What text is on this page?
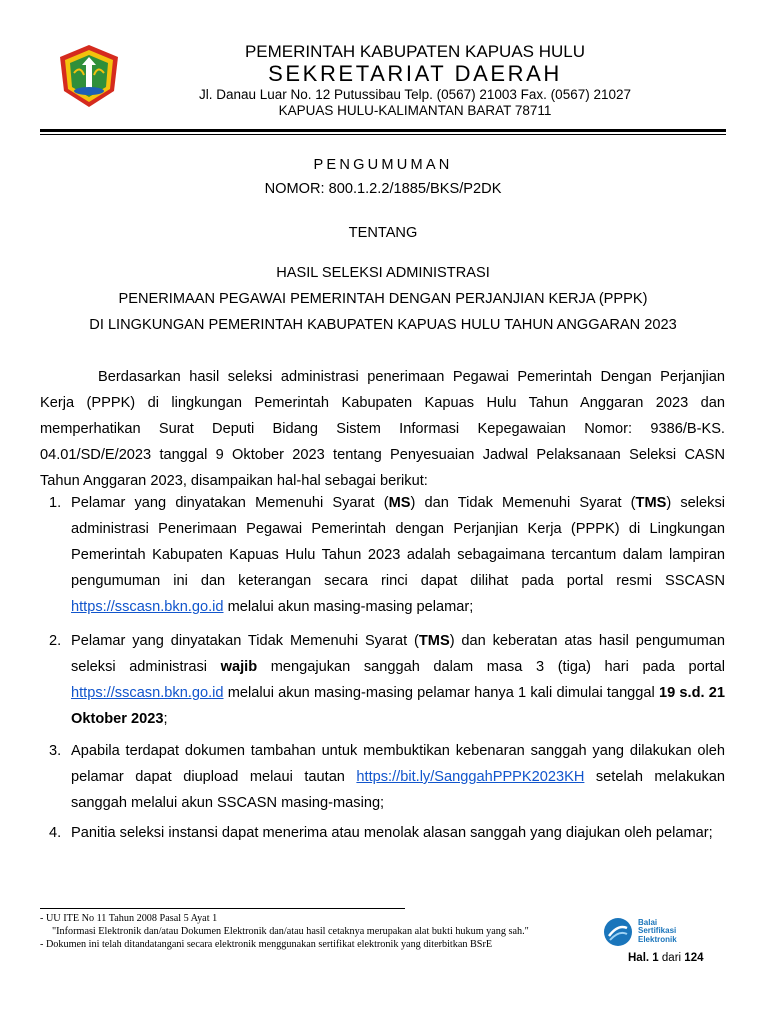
PEMERINTAH KABUPATEN KAPUAS HULU
SEKRETARIAT DAERAH
Jl. Danau Luar No. 12 Putussibau Telp. (0567) 21003 Fax. (0567) 21027
KAPUAS HULU-KALIMANTAN BARAT 78711
PENGUMUMAN
NOMOR: 800.1.2.2/1885/BKS/P2DK
TENTANG
HASIL SELEKSI ADMINISTRASI
PENERIMAAN PEGAWAI PEMERINTAH DENGAN PERJANJIAN KERJA (PPPK)
DI LINGKUNGAN PEMERINTAH KABUPATEN KAPUAS HULU TAHUN ANGGARAN 2023

Berdasarkan hasil seleksi administrasi penerimaan Pegawai Pemerintah Dengan Perjanjian Kerja (PPPK) di lingkungan Pemerintah Kabupaten Kapuas Hulu Tahun Anggaran 2023 dan memperhatikan Surat Deputi Bidang Sistem Informasi Kepegawaian Nomor: 9386/B-KS. 04.01/SD/E/2023 tanggal 9 Oktober 2023 tentang Penyesuaian Jadwal Pelaksanaan Seleksi CASN Tahun Anggaran 2023, disampaikan hal-hal sebagai berikut:

1. Pelamar yang dinyatakan Memenuhi Syarat (MS) dan Tidak Memenuhi Syarat (TMS) seleksi administrasi Penerimaan Pegawai Pemerintah dengan Perjanjian Kerja (PPPK) di Lingkungan Pemerintah Kabupaten Kapuas Hulu Tahun 2023 adalah sebagaimana tercantum dalam lampiran pengumuman ini dan keterangan secara rinci dapat dilihat pada portal resmi SSCASN https://sscasn.bkn.go.id melalui akun masing-masing pelamar;

2. Pelamar yang dinyatakan Tidak Memenuhi Syarat (TMS) dan keberatan atas hasil pengumuman seleksi administrasi wajib mengajukan sanggah dalam masa 3 (tiga) hari pada portal https://sscasn.bkn.go.id melalui akun masing-masing pelamar hanya 1 kali dimulai tanggal 19 s.d. 21 Oktober 2023;

3. Apabila terdapat dokumen tambahan untuk membuktikan kebenaran sanggah yang dilakukan oleh pelamar dapat diupload melaui tautan https://bit.ly/SanggahPPPK2023KH setelah melakukan sanggah melalui akun SSCASN masing-masing;

4. Panitia seleksi instansi dapat menerima atau menolak alasan sanggah yang diajukan oleh pelamar;

- UU ITE No 11 Tahun 2008 Pasal 5 Ayat 1
"Informasi Elektronik dan/atau Dokumen Elektronik dan/atau hasil cetaknya merupakan alat bukti hukum yang sah."
- Dokumen ini telah ditandatangani secara elektronik menggunakan sertifikat elektronik yang diterbitkan BSrE
Balai
Sertifikasi
Elektronik
Hal. 1 dari 124
